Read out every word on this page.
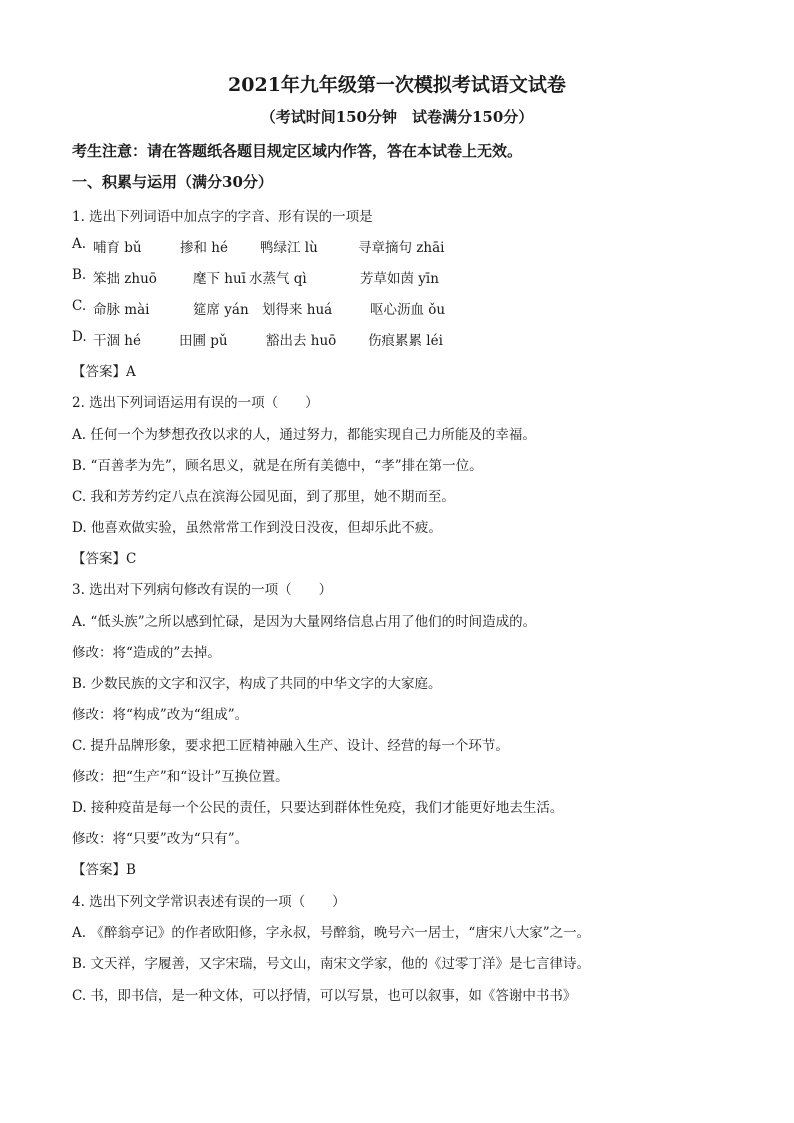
2021年九年级第一次模拟考试语文试卷
（考试时间150分钟　试卷满分150分）
考生注意：请在答题纸各题目规定区域内作答，答在本试卷上无效。
一、积累与运用（满分30分）
1. 选出下列词语中加点字的字音、形有误的一项是
A. 哺育 bǔ	掺和 hé 鸭绿江 lù	寻章摘句 zhāi
B. 笨拙 zhuō	麾下 huī 水蒸气 qì	芳草如茵 yīn
C. 命脉 mài	筵席 yán 划得来 huá	呕心沥血 ǒu
D. 干涸 hé	田圃 pǔ	豁出去 huō 伤痕累累 léi
【答案】A
2. 选出下列词语运用有误的一项（　　）
A. 任何一个为梦想孜孜以求的人，通过努力，都能实现自己力所能及的幸福。
B. “百善孝为先”，顾名思义，就是在所有美德中，“孝”排在第一位。
C. 我和芳芳约定八点在滨海公园见面，到了那里，她不期而至。
D. 他喜欢做实验，虽然常常工作到没日没夜，但却乐此不疲。
【答案】C
3. 选出对下列病句修改有误的一项（　　）
A. “低头族”之所以感到忙碌，是因为大量网络信息占用了他们的时间造成的。
修改：将“造成的”去掉。
B. 少数民族的文字和汉字，构成了共同的中华文字的大家庭。
修改：将“构成”改为“组成”。
C. 提升品牌形象，要求把工匠精神融入生产、设计、经营的每一个环节。
修改：把“生产”和“设计”互换位置。
D. 接种疫苗是每一个公民的责任，只要达到群体性免疫，我们才能更好地去生活。
修改：将“只要”改为“只有”。
【答案】B
4. 选出下列文学常识表述有误的一项（　　）
A. 《醉翁亭记》的作者欧阳修，字永叔，号醉翁，晚号六一居士，“唐宋八大家”之一。
B. 文天祥，字履善，又字宋瑞，号文山，南宋文学家，他的《过零丁洋》是七言律诗。
C. 书，即书信，是一种文体，可以抒情，可以写景，也可以叙事，如《答谢中书书》
